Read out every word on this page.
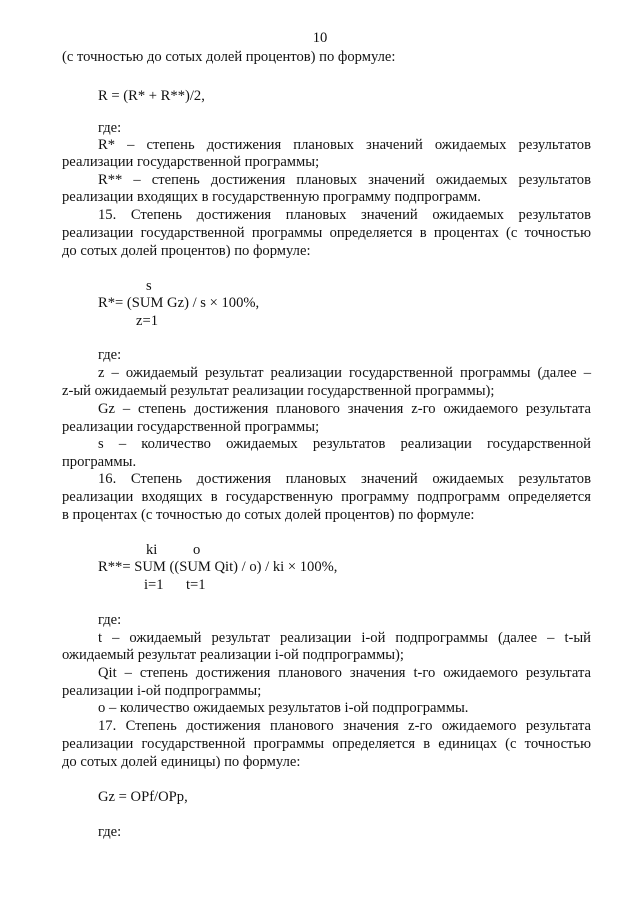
10
(с точностью до сотых долей процентов) по формуле:
R = (R* + R**)/2,
где:
R* – степень достижения плановых значений ожидаемых результатов
реализации государственной программы;
R** – степень достижения плановых значений ожидаемых результатов
реализации входящих в государственную программу подпрограмм.
15. Степень достижения плановых значений ожидаемых результатов
реализации государственной программы определяется в процентах (с точностью
до сотых долей процентов) по формуле:
s
R*= (SUM Gz) / s × 100%,
z=1
где:
z – ожидаемый результат реализации государственной программы (далее –
z-ый ожидаемый результат реализации государственной программы);
Gz – степень достижения планового значения z-го ожидаемого результата
реализации государственной программы;
s – количество ожидаемых результатов реализации государственной
программы.
16. Степень достижения плановых значений ожидаемых результатов
реализации входящих в государственную программу подпрограмм определяется
в процентах (с точностью до сотых долей процентов) по формуле:
ki o
R**= SUM ((SUM Qit) / o) / ki × 100%,
i=1 t=1
где:
t – ожидаемый результат реализации i-ой подпрограммы (далее – t-ый
ожидаемый результат реализации i-ой подпрограммы);
Qit – степень достижения планового значения t-го ожидаемого результата
реализации i-ой подпрограммы;
o – количество ожидаемых результатов i-ой подпрограммы.
17. Степень достижения планового значения z-го ожидаемого результата
реализации государственной программы определяется в единицах (с точностью
до сотых долей единицы) по формуле:
Gz = OPf/OPp,
где:
